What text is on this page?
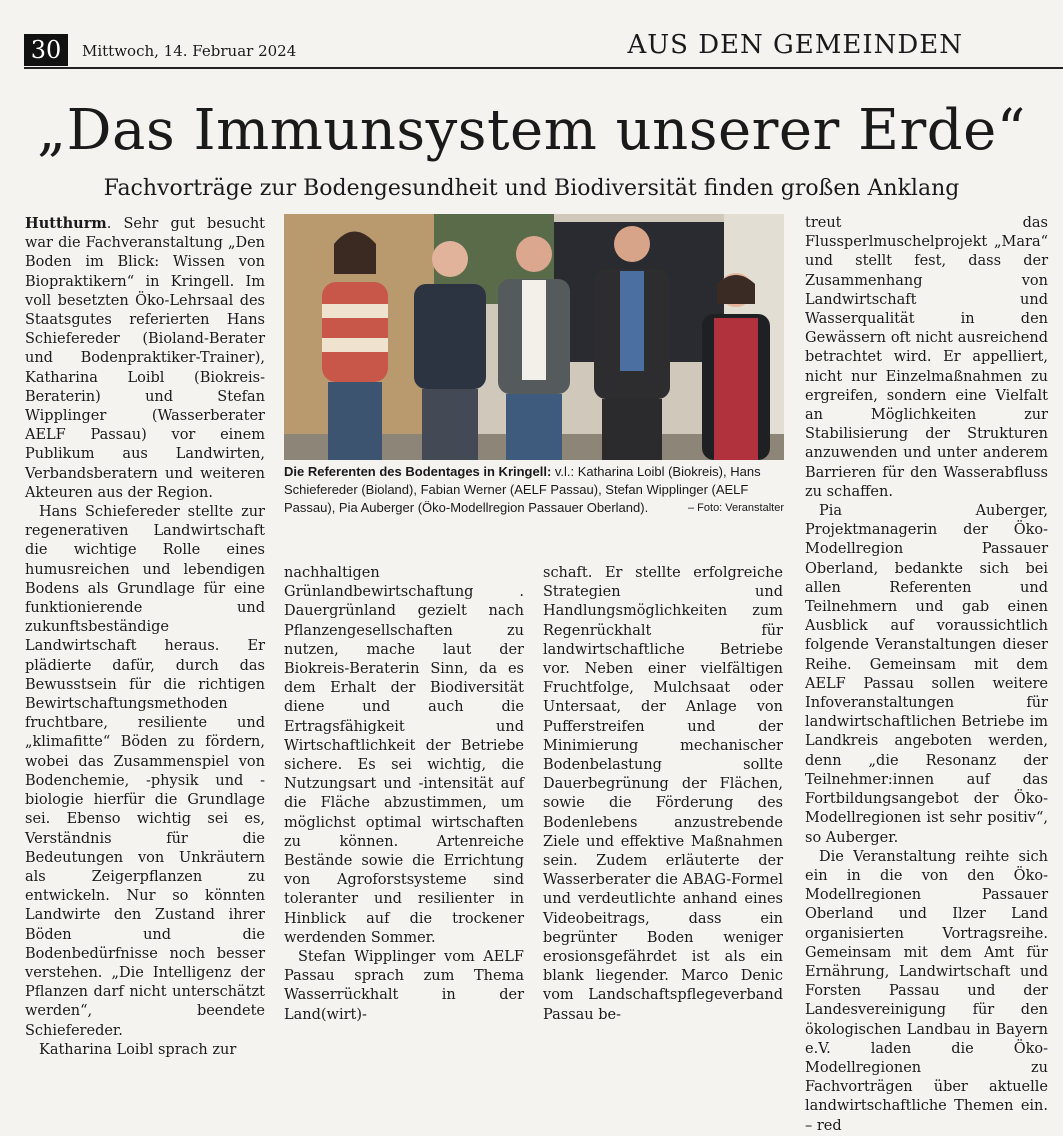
30	Mittwoch, 14. Februar 2024	AUS DEN GEMEINDEN
„Das Immunsystem unserer Erde“
Fachvorträge zur Bodengesundheit und Biodiversität finden großen Anklang

Hutthurm. Sehr gut besucht war die Fachveranstaltung „Den Boden im Blick: Wissen von Biopraktikern“ in Kringell. Im voll besetzten Öko-Lehrsaal des Staatsgutes referierten Hans Schiefereder (Bioland-Berater und Bodenpraktiker-Trainer), Katharina Loibl (Biokreis-Beraterin) und Stefan Wipplinger (Wasserberater AELF Passau) vor einem Publikum aus Landwirten, Verbandsberatern und weiteren Akteuren aus der Region.

Hans Schiefereder stellte zur regenerativen Landwirtschaft die wichtige Rolle eines humusreichen und lebendigen Bodens als Grundlage für eine funktionierende und zukunftsbeständige Landwirtschaft heraus. Er plädierte dafür, durch das Bewusstsein für die richtigen Bewirtschaftungsmethoden fruchtbare, resiliente und „klimafitte“ Böden zu fördern, wobei das Zusammenspiel von Bodenchemie, -physik und -biologie hierfür die Grundlage sei. Ebenso wichtig sei es, Verständnis für die Bedeutungen von Unkräutern als Zeigerpflanzen zu entwickeln. Nur so könnten Landwirte den Zustand ihrer Böden und die Bodenbedürfnisse noch besser verstehen. „Die Intelligenz der Pflanzen darf nicht unterschätzt werden“, beendete Schiefereder.

Katharina Loibl sprach zur

Die Referenten des Bodentages in Kringell: v.l.: Katharina Loibl (Biokreis), Hans Schiefereder (Bioland), Fabian Werner (AELF Passau), Stefan Wipplinger (AELF Passau), Pia Auberger (Öko-Modellregion Passauer Oberland).	– Foto: Veranstalter

nachhaltigen Grünlandbewirtschaftung . Dauergrünland gezielt nach Pflanzengesellschaften zu nutzen, mache laut der Biokreis-Beraterin Sinn, da es dem Erhalt der Biodiversität diene und auch die Ertragsfähigkeit und Wirtschaftlichkeit der Betriebe sichere. Es sei wichtig, die Nutzungsart und -intensität auf die Fläche abzustimmen, um möglichst optimal wirtschaften zu können. Artenreiche Bestände sowie die Errichtung von Agroforstsysteme sind toleranter und resilienter in Hinblick auf die trockener werdenden Sommer.

Stefan Wipplinger vom AELF Passau sprach zum Thema Wasserrückhalt in der Land(wirt)-

schaft. Er stellte erfolgreiche Strategien und Handlungsmöglichkeiten zum Regenrückhalt für landwirtschaftliche Betriebe vor. Neben einer vielfältigen Fruchtfolge, Mulchsaat oder Untersaat, der Anlage von Pufferstreifen und der Minimierung mechanischer Bodenbelastung sollte Dauerbegrünung der Flächen, sowie die Förderung des Bodenlebens anzustrebende Ziele und effektive Maßnahmen sein. Zudem erläuterte der Wasserberater die ABAG-Formel und verdeutlichte anhand eines Videobeitrags, dass ein begrünter Boden weniger erosionsgefährdet ist als ein blank liegender. Marco Denic vom Landschaftspflegeverband Passau be-

treut das Flussperlmuschelprojekt „Mara“ und stellt fest, dass der Zusammenhang von Landwirtschaft und Wasserqualität in den Gewässern oft nicht ausreichend betrachtet wird. Er appelliert, nicht nur Einzelmaßnahmen zu ergreifen, sondern eine Vielfalt an Möglichkeiten zur Stabilisierung der Strukturen anzuwenden und unter anderem Barrieren für den Wasserabfluss zu schaffen.

Pia Auberger, Projektmanagerin der Öko-Modellregion Passauer Oberland, bedankte sich bei allen Referenten und Teilnehmern und gab einen Ausblick auf voraussichtlich folgende Veranstaltungen dieser Reihe. Gemeinsam mit dem AELF Passau sollen weitere Infoveranstaltungen für landwirtschaftlichen Betriebe im Landkreis angeboten werden, denn „die Resonanz der Teilnehmer:innen auf das Fortbildungsangebot der Öko-Modellregionen ist sehr positiv“, so Auberger.

Die Veranstaltung reihte sich ein in die von den Öko-Modellregionen Passauer Oberland und Ilzer Land organisierten Vortragsreihe. Gemeinsam mit dem Amt für Ernährung, Landwirtschaft und Forsten Passau und der Landesvereinigung für den ökologischen Landbau in Bayern e.V. laden die Öko-Modellregionen zu Fachvorträgen über aktuelle landwirtschaftliche Themen ein. – red
